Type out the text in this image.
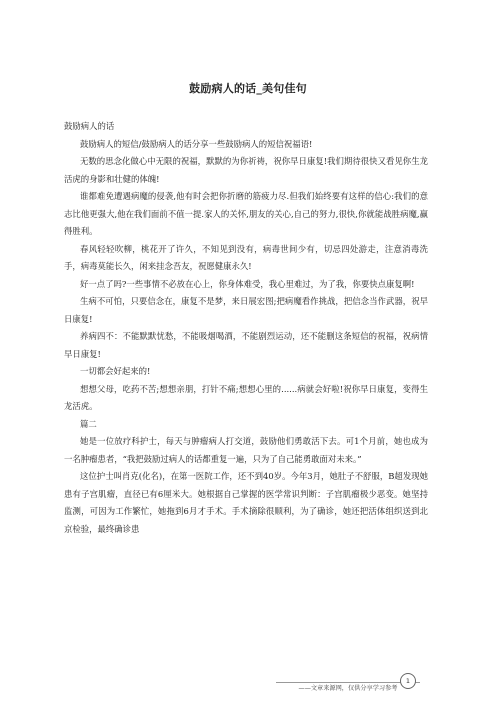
鼓励病人的话_美句佳句

鼓励病人的话

鼓励病人的短信/鼓励病人的话分享一些鼓励病人的短信祝福语!

无数的思念化做心中无限的祝福，默默的为你祈祷，祝你早日康复!我们期待很快又看见你生龙活虎的身影和壮健的体魄!

谁都难免遭遇病魔的侵袭,他有时会把你折磨的筋疲力尽.但我们始终要有这样的信心:我们的意志比他更强大,他在我们面前不值一提.家人的关怀,朋友的关心,自己的努力,很快,你就能战胜病魔,赢得胜利。

春风轻轻吹柳，桃花开了许久，不知见到没有，病毒世间少有，切忌四处游走，注意消毒洗手，病毒莫能长久，闲来挂念吾友，祝愿健康永久!

好一点了吗?一些事情不必放在心上，你身体难受，我心里难过，为了我，你要快点康复啊!

生病不可怕，只要信念在，康复不是梦，来日展宏图;把病魔看作挑战，把信念当作武器，祝早日康复!

养病四不：不能默默忧愁，不能吸烟喝酒，不能剧烈运动，还不能删这条短信的祝福，祝病情早日康复!

一切都会好起来的!

想想父母，吃药不苦;想想亲朋，打针不痛;想想心里的......病就会好啦!祝你早日康复，变得生龙活虎。

篇二

她是一位放疗科护士，每天与肿瘤病人打交道，鼓励他们勇敢活下去。可1个月前，她也成为一名肿瘤患者，“我把鼓励过病人的话都重复一遍，只为了自己能勇敢面对未来。”

这位护士叫肖克(化名)，在第一医院工作，还不到40岁。今年3月，她肚子不舒服，B超发现她患有子宫肌瘤，直径已有6厘米大。她根据自己掌握的医学常识判断：子宫肌瘤极少恶变。她坚持监测，可因为工作繁忙，她拖到6月才手术。手术摘除很顺利，为了确诊，她还把活体组织送到北京检验，最终确诊患

——文章来源网，仅供分享学习参考
1
